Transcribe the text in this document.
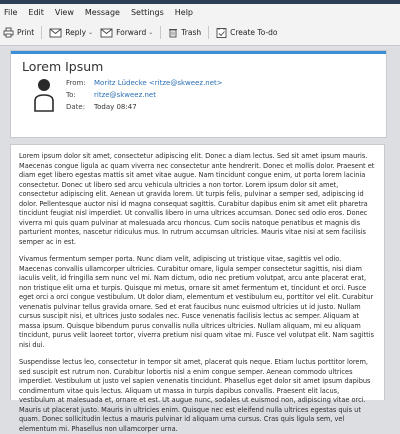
File Edit View Message Settings Help
Print	Reply ⌄	Forward ⌄	Trash	Create To-do
Lorem Ipsum
From:	Moritz Lüdecke <ritze@skweez.net>
To:	ritze@skweez.net
Date:	Today 08:47

Lorem ipsum dolor sit amet, consectetur adipiscing elit. Donec a diam lectus. Sed sit amet ipsum mauris. Maecenas congue ligula ac quam viverra nec consectetur ante hendrerit. Donec et mollis dolor. Praesent et diam eget libero egestas mattis sit amet vitae augue. Nam tincidunt congue enim, ut porta lorem lacinia consectetur. Donec ut libero sed arcu vehicula ultricies a non tortor. Lorem ipsum dolor sit amet, consectetur adipiscing elit. Aenean ut gravida lorem. Ut turpis felis, pulvinar a semper sed, adipiscing id dolor. Pellentesque auctor nisi id magna consequat sagittis. Curabitur dapibus enim sit amet elit pharetra tincidunt feugiat nisl imperdiet. Ut convallis libero in urna ultrices accumsan. Donec sed odio eros. Donec viverra mi quis quam pulvinar at malesuada arcu rhoncus. Cum sociis natoque penatibus et magnis dis parturient montes, nascetur ridiculus mus. In rutrum accumsan ultricies. Mauris vitae nisi at sem facilisis semper ac in est.

Vivamus fermentum semper porta. Nunc diam velit, adipiscing ut tristique vitae, sagittis vel odio. Maecenas convallis ullamcorper ultricies. Curabitur ornare, ligula semper consectetur sagittis, nisi diam iaculis velit, id fringilla sem nunc vel mi. Nam dictum, odio nec pretium volutpat, arcu ante placerat erat, non tristique elit urna et turpis. Quisque mi metus, ornare sit amet fermentum et, tincidunt et orci. Fusce eget orci a orci congue vestibulum. Ut dolor diam, elementum et vestibulum eu, porttitor vel elit. Curabitur venenatis pulvinar tellus gravida ornare. Sed et erat faucibus nunc euismod ultricies ut id justo. Nullam cursus suscipit nisi, et ultrices justo sodales nec. Fusce venenatis facilisis lectus ac semper. Aliquam at massa ipsum. Quisque bibendum purus convallis nulla ultrices ultricies. Nullam aliquam, mi eu aliquam tincidunt, purus velit laoreet tortor, viverra pretium nisi quam vitae mi. Fusce vel volutpat elit. Nam sagittis nisi dui.

Suspendisse lectus leo, consectetur in tempor sit amet, placerat quis neque. Etiam luctus porttitor lorem, sed suscipit est rutrum non. Curabitur lobortis nisl a enim congue semper. Aenean commodo ultrices imperdiet. Vestibulum ut justo vel sapien venenatis tincidunt. Phasellus eget dolor sit amet ipsum dapibus condimentum vitae quis lectus. Aliquam ut massa in turpis dapibus convallis. Praesent elit lacus, vestibulum at malesuada et, ornare et est. Ut augue nunc, sodales ut euismod non, adipiscing vitae orci. Mauris ut placerat justo. Mauris in ultricies enim. Quisque nec est eleifend nulla ultrices egestas quis ut quam. Donec sollicitudin lectus a mauris pulvinar id aliquam urna cursus. Cras quis ligula sem, vel elementum mi. Phasellus non ullamcorper urna.
